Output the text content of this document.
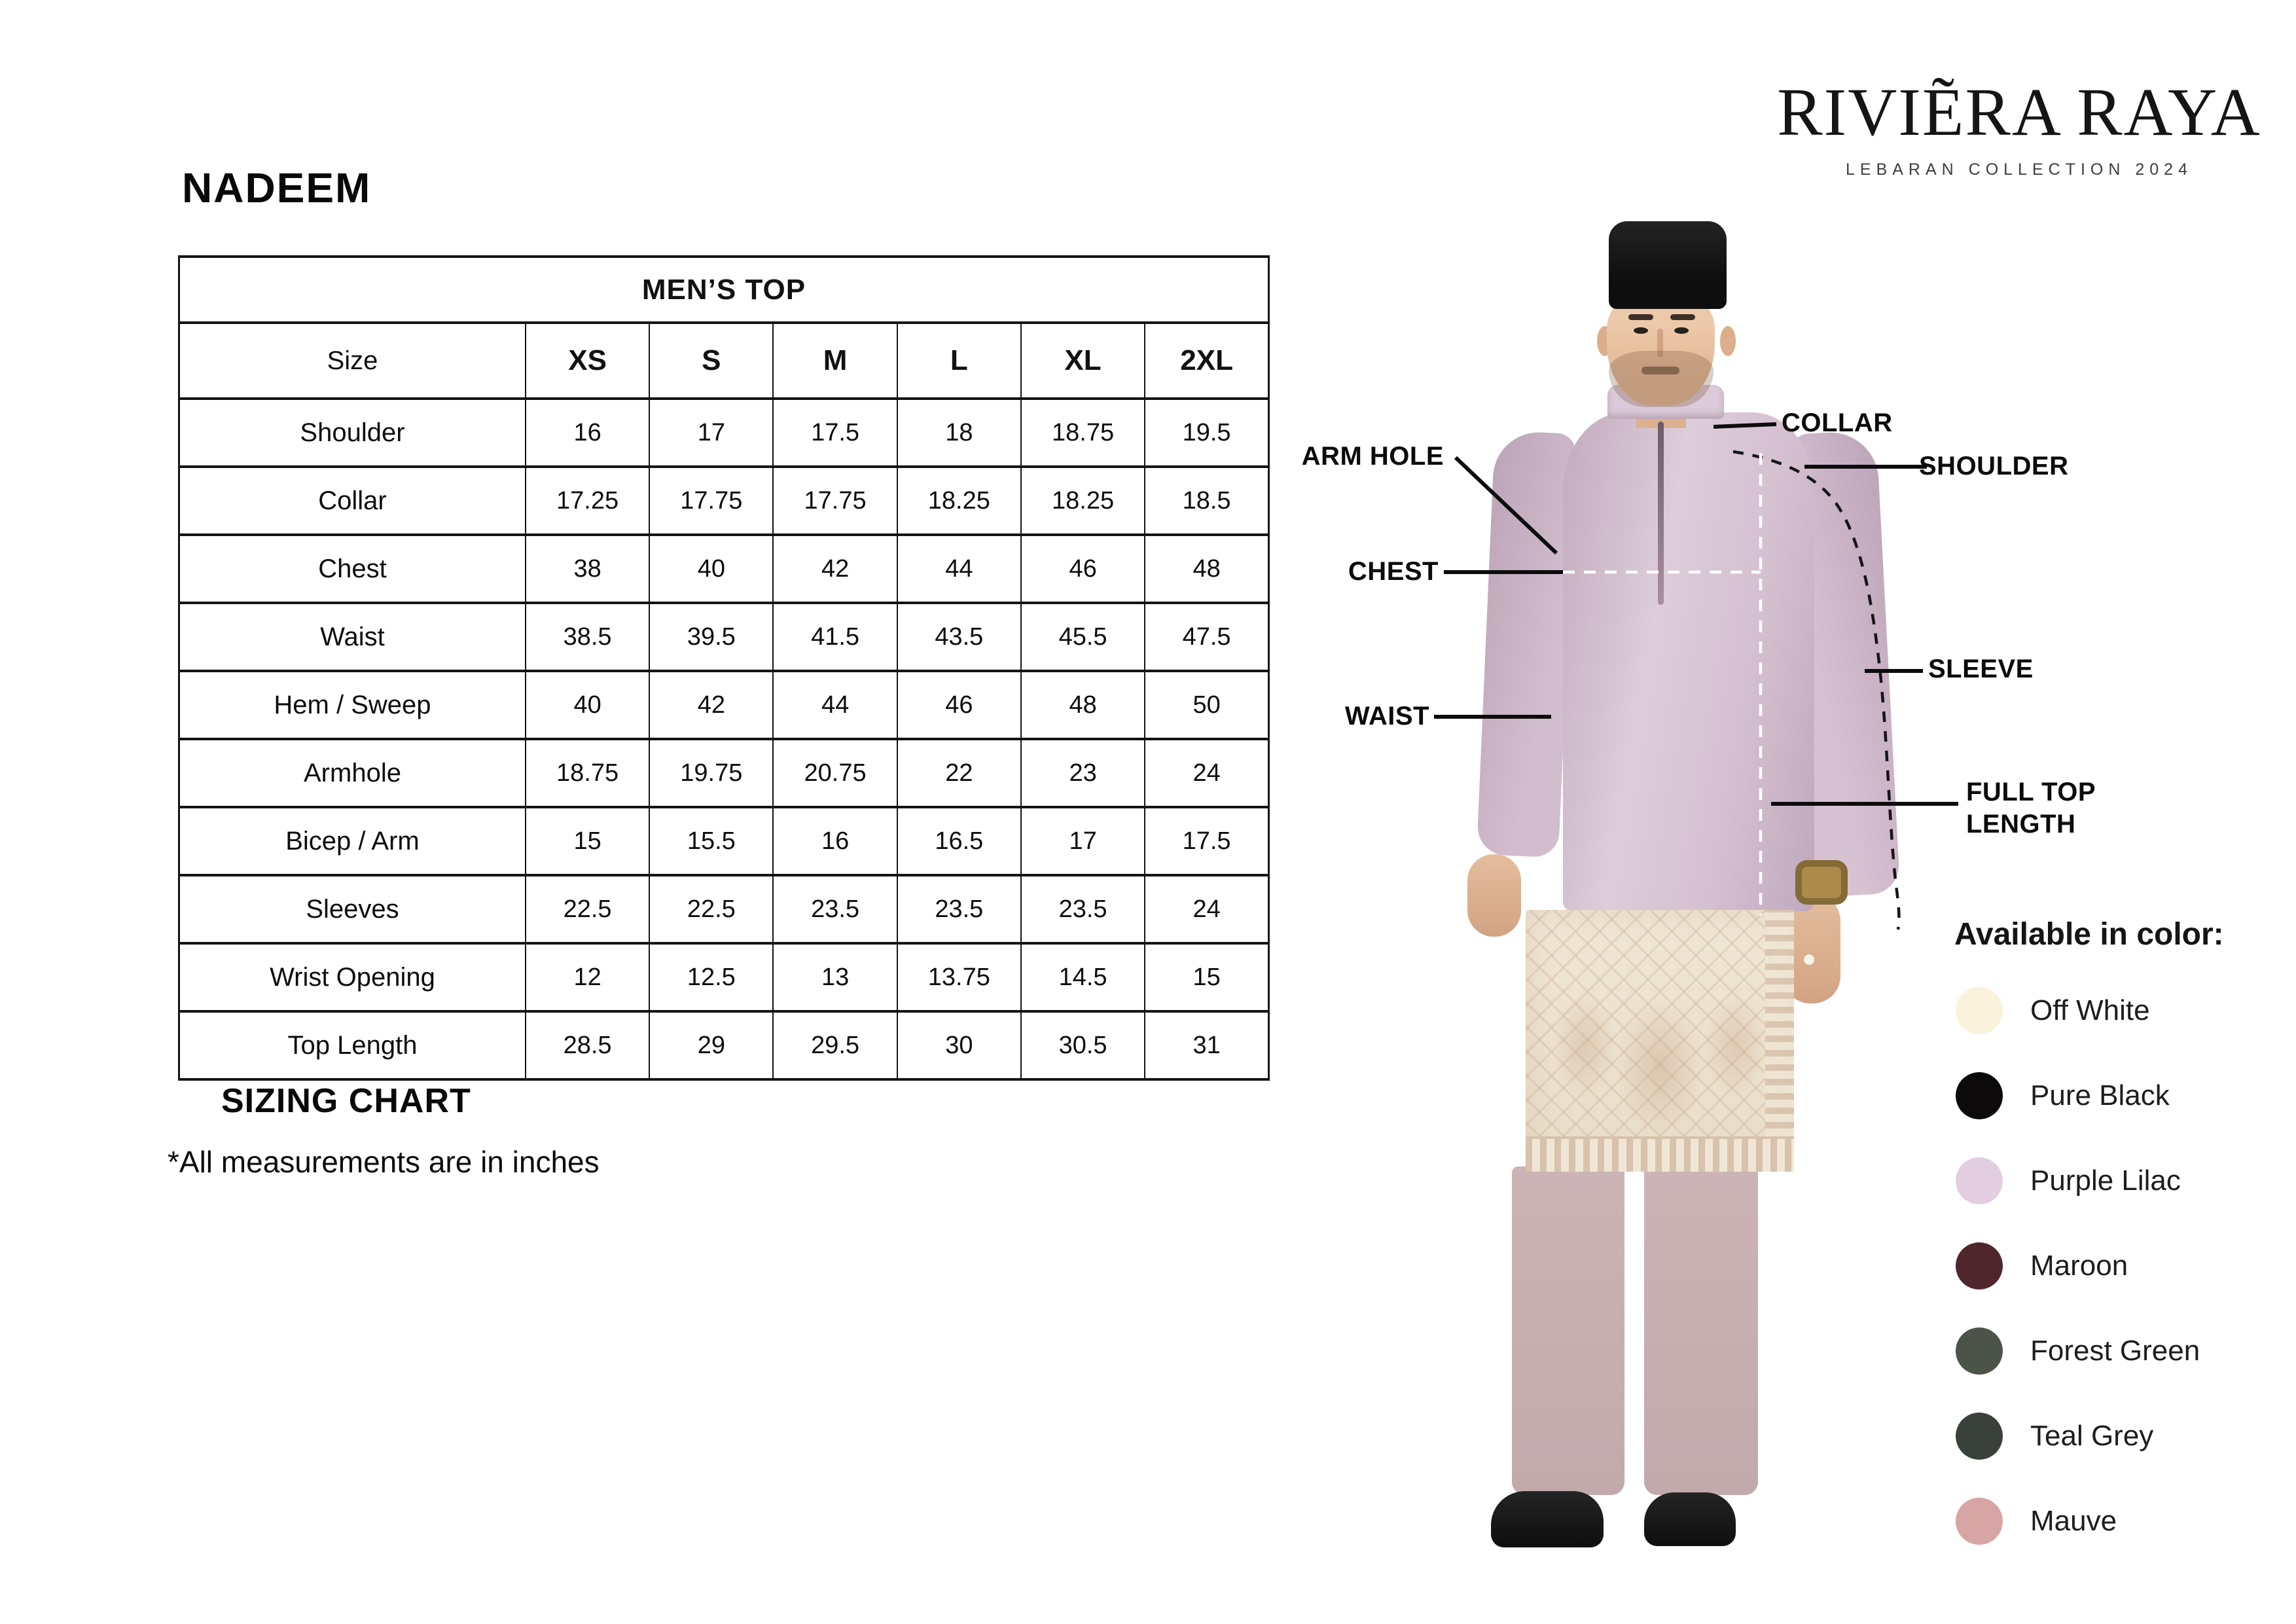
NADEEM
RIVIẼRA RAYA
LEBARAN COLLECTION 2024
MEN’S TOP						
Size	XS	S	M	L	XL	2XL
Shoulder	16	17	17.5	18	18.75	19.5
Collar	17.25	17.75	17.75	18.25	18.25	18.5
Chest	38	40	42	44	46	48
Waist	38.5	39.5	41.5	43.5	45.5	47.5
Hem / Sweep	40	42	44	46	48	50
Armhole	18.75	19.75	20.75	22	23	24
Bicep / Arm	15	15.5	16	16.5	17	17.5
Sleeves	22.5	22.5	23.5	23.5	23.5	24
Wrist Opening	12	12.5	13	13.75	14.5	15
Top Length	28.5	29	29.5	30	30.5	31
SIZING CHART
*All measurements are in inches
ARM HOLE
CHEST
WAIST
COLLAR
SHOULDER
SLEEVE
FULL TOP LENGTH
Available in color:
Off White
Pure Black
Purple Lilac
Maroon
Forest Green
Teal Grey
Mauve
